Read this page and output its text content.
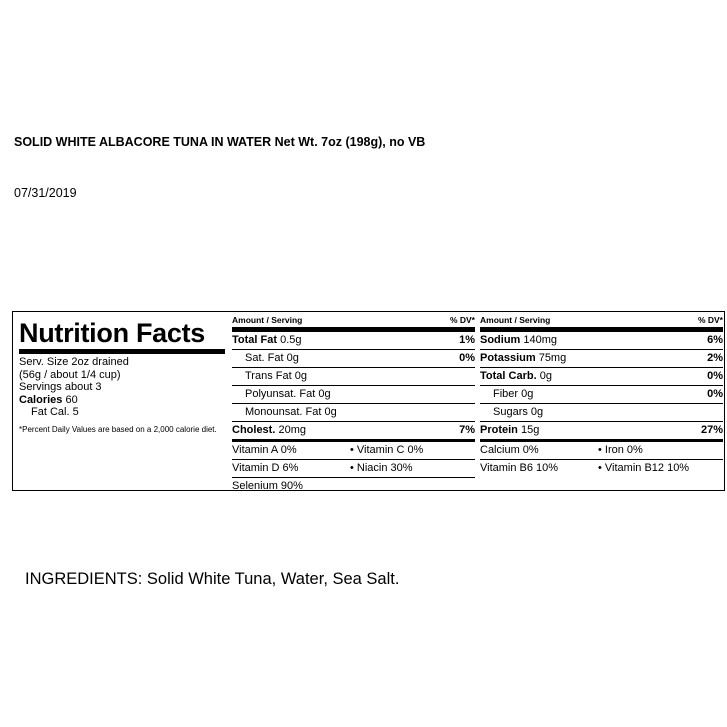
SOLID WHITE ALBACORE TUNA IN WATER Net Wt. 7oz (198g), no VB
07/31/2019
Nutrition Facts
Serv. Size 2oz drained
(56g / about 1/4 cup)
Servings about 3
Calories 60
Fat Cal. 5
*Percent Daily Values are based on a 2,000 calorie diet.
Amount / Serving	% DV*
Total Fat 0.5g	1%
Sat. Fat 0g	0%
Trans Fat 0g
Polyunsat. Fat 0g
Monounsat. Fat 0g
Cholest. 20mg	7%
Vitamin A 0%	• Vitamin C 0%
Vitamin D 6%	• Niacin 30%
Selenium 90%
Amount / Serving	% DV*
Sodium 140mg	6%
Potassium 75mg	2%
Total Carb. 0g	0%
Fiber 0g	0%
Sugars 0g
Protein 15g	27%
Calcium 0%	• Iron 0%
Vitamin B6 10%	• Vitamin B12 10%
INGREDIENTS: Solid White Tuna, Water, Sea Salt.
